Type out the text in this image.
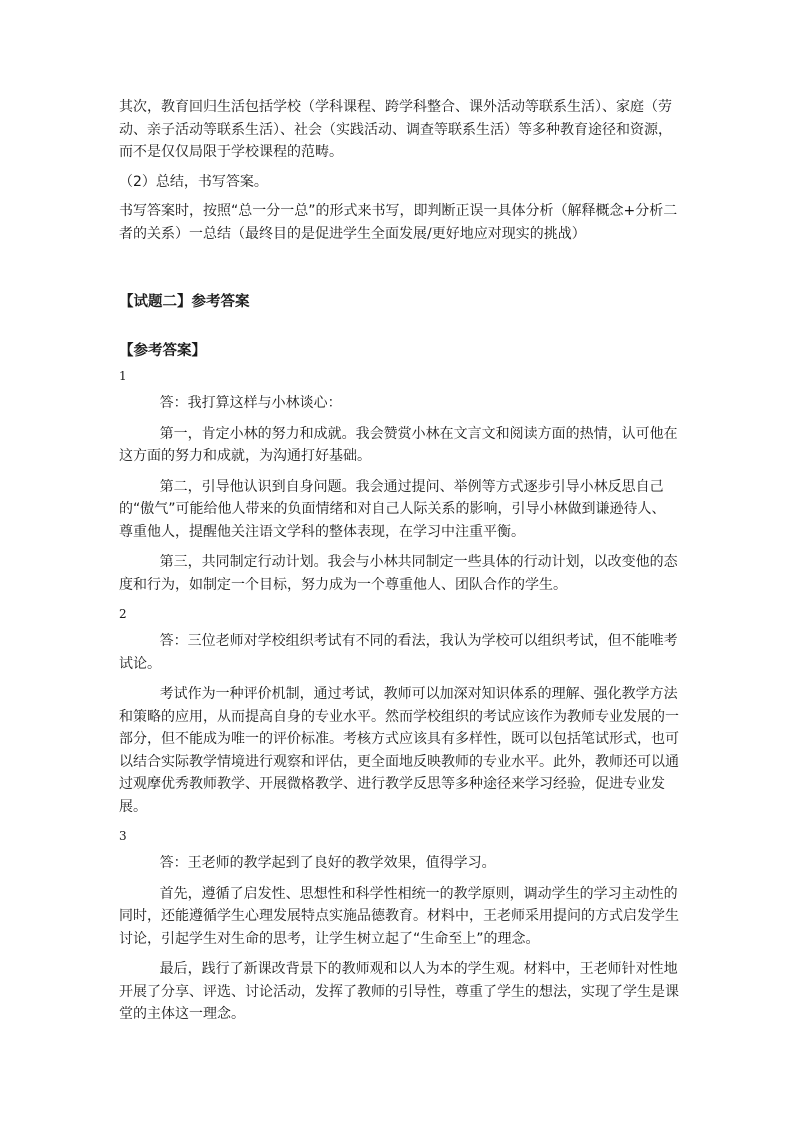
其次，教育回归生活包括学校（学科课程、跨学科整合、课外活动等联系生活）、家庭（劳动、亲子活动等联系生活）、社会（实践活动、调查等联系生活）等多种教育途径和资源，而不是仅仅局限于学校课程的范畴。

（2）总结，书写答案。

书写答案时，按照“总一分一总”的形式来书写，即判断正误一具体分析（解释概念+分析二者的关系）一总结（最终目的是促进学生全面发展/更好地应对现实的挑战）

【试题二】参考答案

【参考答案】

1

答：我打算这样与小林谈心：

第一，肯定小林的努力和成就。我会赞赏小林在文言文和阅读方面的热情，认可他在这方面的努力和成就，为沟通打好基础。

第二，引导他认识到自身问题。我会通过提问、举例等方式逐步引导小林反思自己的“傲气”可能给他人带来的负面情绪和对自己人际关系的影响，引导小林做到谦逊待人、尊重他人，提醒他关注语文学科的整体表现，在学习中注重平衡。

第三，共同制定行动计划。我会与小林共同制定一些具体的行动计划，以改变他的态度和行为，如制定一个目标，努力成为一个尊重他人、团队合作的学生。

2

答：三位老师对学校组织考试有不同的看法，我认为学校可以组织考试，但不能唯考试论。

考试作为一种评价机制，通过考试，教师可以加深对知识体系的理解、强化教学方法和策略的应用，从而提高自身的专业水平。然而学校组织的考试应该作为教师专业发展的一部分，但不能成为唯一的评价标准。考核方式应该具有多样性，既可以包括笔试形式，也可以结合实际教学情境进行观察和评估，更全面地反映教师的专业水平。此外，教师还可以通过观摩优秀教师教学、开展微格教学、进行教学反思等多种途径来学习经验，促进专业发展。

3

答：王老师的教学起到了良好的教学效果，值得学习。

首先，遵循了启发性、思想性和科学性相统一的教学原则，调动学生的学习主动性的同时，还能遵循学生心理发展特点实施品德教育。材料中，王老师采用提问的方式启发学生讨论，引起学生对生命的思考，让学生树立起了“生命至上”的理念。

最后，践行了新课改背景下的教师观和以人为本的学生观。材料中，王老师针对性地开展了分享、评选、讨论活动，发挥了教师的引导性，尊重了学生的想法，实现了学生是课堂的主体这一理念。
